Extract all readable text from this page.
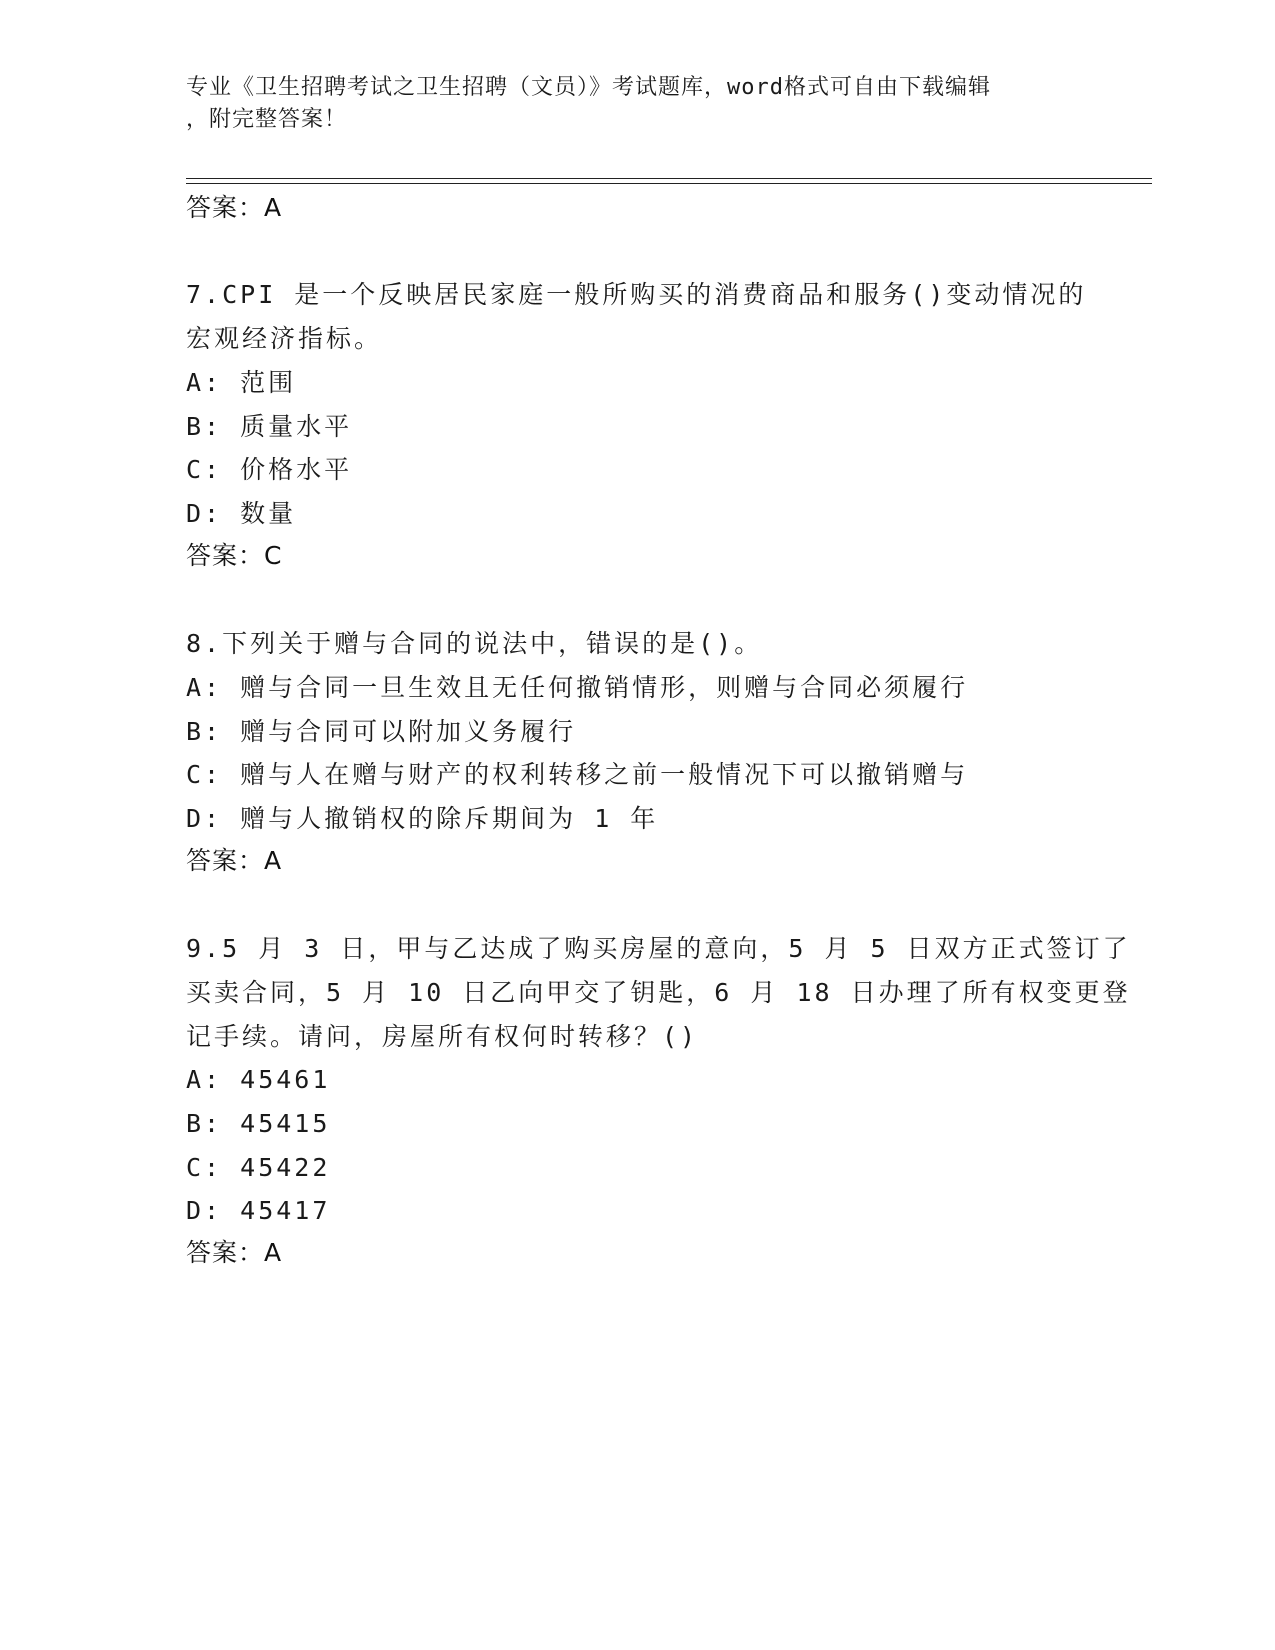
专业《卫生招聘考试之卫生招聘（文员）》考试题库，word格式可自由下载编辑
，附完整答案！
答案：A
7.CPI 是一个反映居民家庭一般所购买的消费商品和服务()变动情况的
宏观经济指标。
A: 范围
B: 质量水平
C: 价格水平
D: 数量
答案：C
8.下列关于赠与合同的说法中，错误的是()。
A: 赠与合同一旦生效且无任何撤销情形，则赠与合同必须履行
B: 赠与合同可以附加义务履行
C: 赠与人在赠与财产的权利转移之前一般情况下可以撤销赠与
D: 赠与人撤销权的除斥期间为 1 年
答案：A
9.5 月 3 日，甲与乙达成了购买房屋的意向，5 月 5 日双方正式签订了
买卖合同，5 月 10 日乙向甲交了钥匙，6 月 18 日办理了所有权变更登
记手续。请问，房屋所有权何时转移？()
A: 45461
B: 45415
C: 45422
D: 45417
答案：A
